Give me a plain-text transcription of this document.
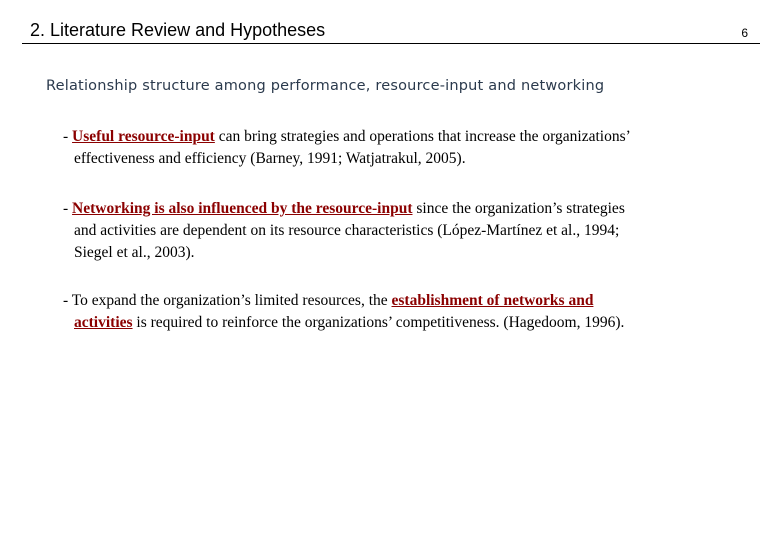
2. Literature Review and Hypotheses	6
Relationship structure among performance, resource-input and networking
- Useful resource-input can bring strategies and operations that increase the organizations’
effectiveness and efficiency (Barney, 1991; Watjatrakul, 2005).
- Networking is also influenced by the resource-input since the organization’s strategies
and activities are dependent on its resource characteristics (López-Martínez et al., 1994;
Siegel et al., 2003).
- To expand the organization’s limited resources, the establishment of networks and
activities is required to reinforce the organizations’ competitiveness. (Hagedoom, 1996).
